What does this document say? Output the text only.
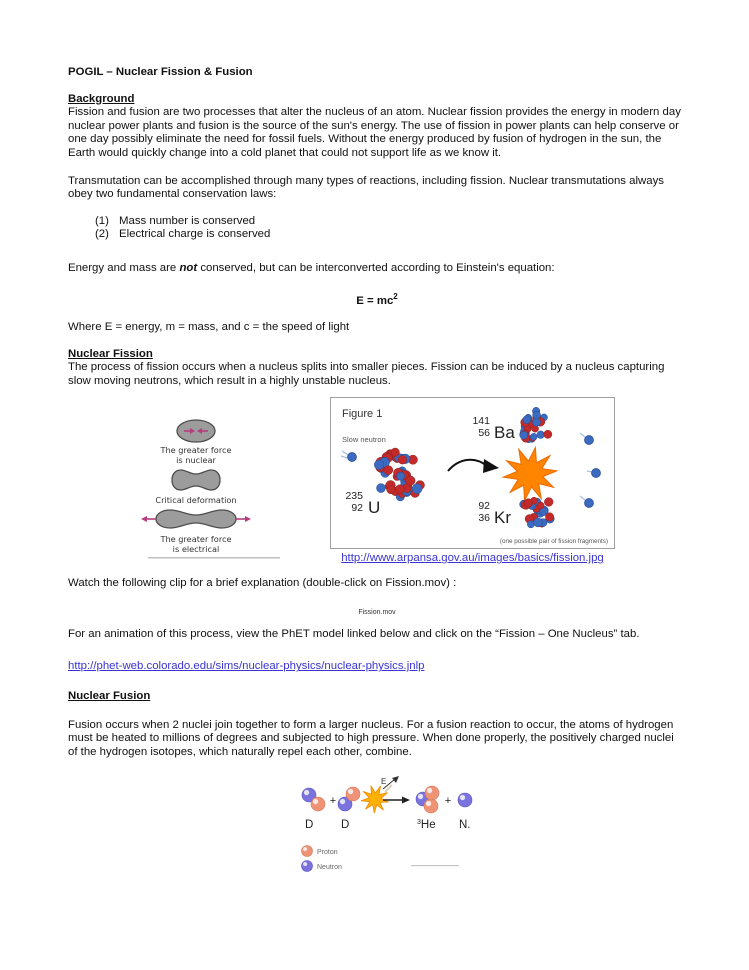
POGIL – Nuclear Fission & Fusion
Background

Fission and fusion are two processes that alter the nucleus of an atom. Nuclear fission provides the energy in modern day nuclear power plants and fusion is the source of the sun's energy. The use of fission in power plants can help conserve or one day possibly eliminate the need for fossil fuels. Without the energy produced by fusion of hydrogen in the sun, the Earth would quickly change into a cold planet that could not support life as we know it.

Transmutation can be accomplished through many types of reactions, including fission. Nuclear transmutations always obey two fundamental conservation laws:

(1) Mass number is conserved
(2) Electrical charge is conserved

Energy and mass are not conserved, but can be interconverted according to Einstein's equation:

$E = mc^2$

Where E = energy, m = mass, and c = the speed of light

Nuclear Fission

The process of fission occurs when a nucleus splits into smaller pieces. Fission can be induced by a nucleus capturing slow moving neutrons, which result in a highly unstable nucleus.

The greater force
is nuclear
Critical deformation
The greater force
is electrical
Figure 1
Slow neutron
235
92 U
141
56 Ba
92
36 Kr
(one possible pair of fission fragments)
http://www.arpansa.gov.au/images/basics/fission.jpg

Watch the following clip for a brief explanation (double-click on Fission.mov) :

Fission.mov

For an animation of this process, view the PhET model linked below and click on the “Fission – One Nucleus” tab.

http://phet-web.colorado.edu/sims/nuclear-physics/nuclear-physics.jnlp
Nuclear Fusion

Fusion occurs when 2 nuclei join together to form a larger nucleus. For a fusion reaction to occur, the atoms of hydrogen must be heated to millions of degrees and subjected to high pressure. When done properly, the positively charged nuclei of the hydrogen isotopes, which naturally repel each other, combine.

+
E
+
D D	$^3$He N.
Proton
Neutron
